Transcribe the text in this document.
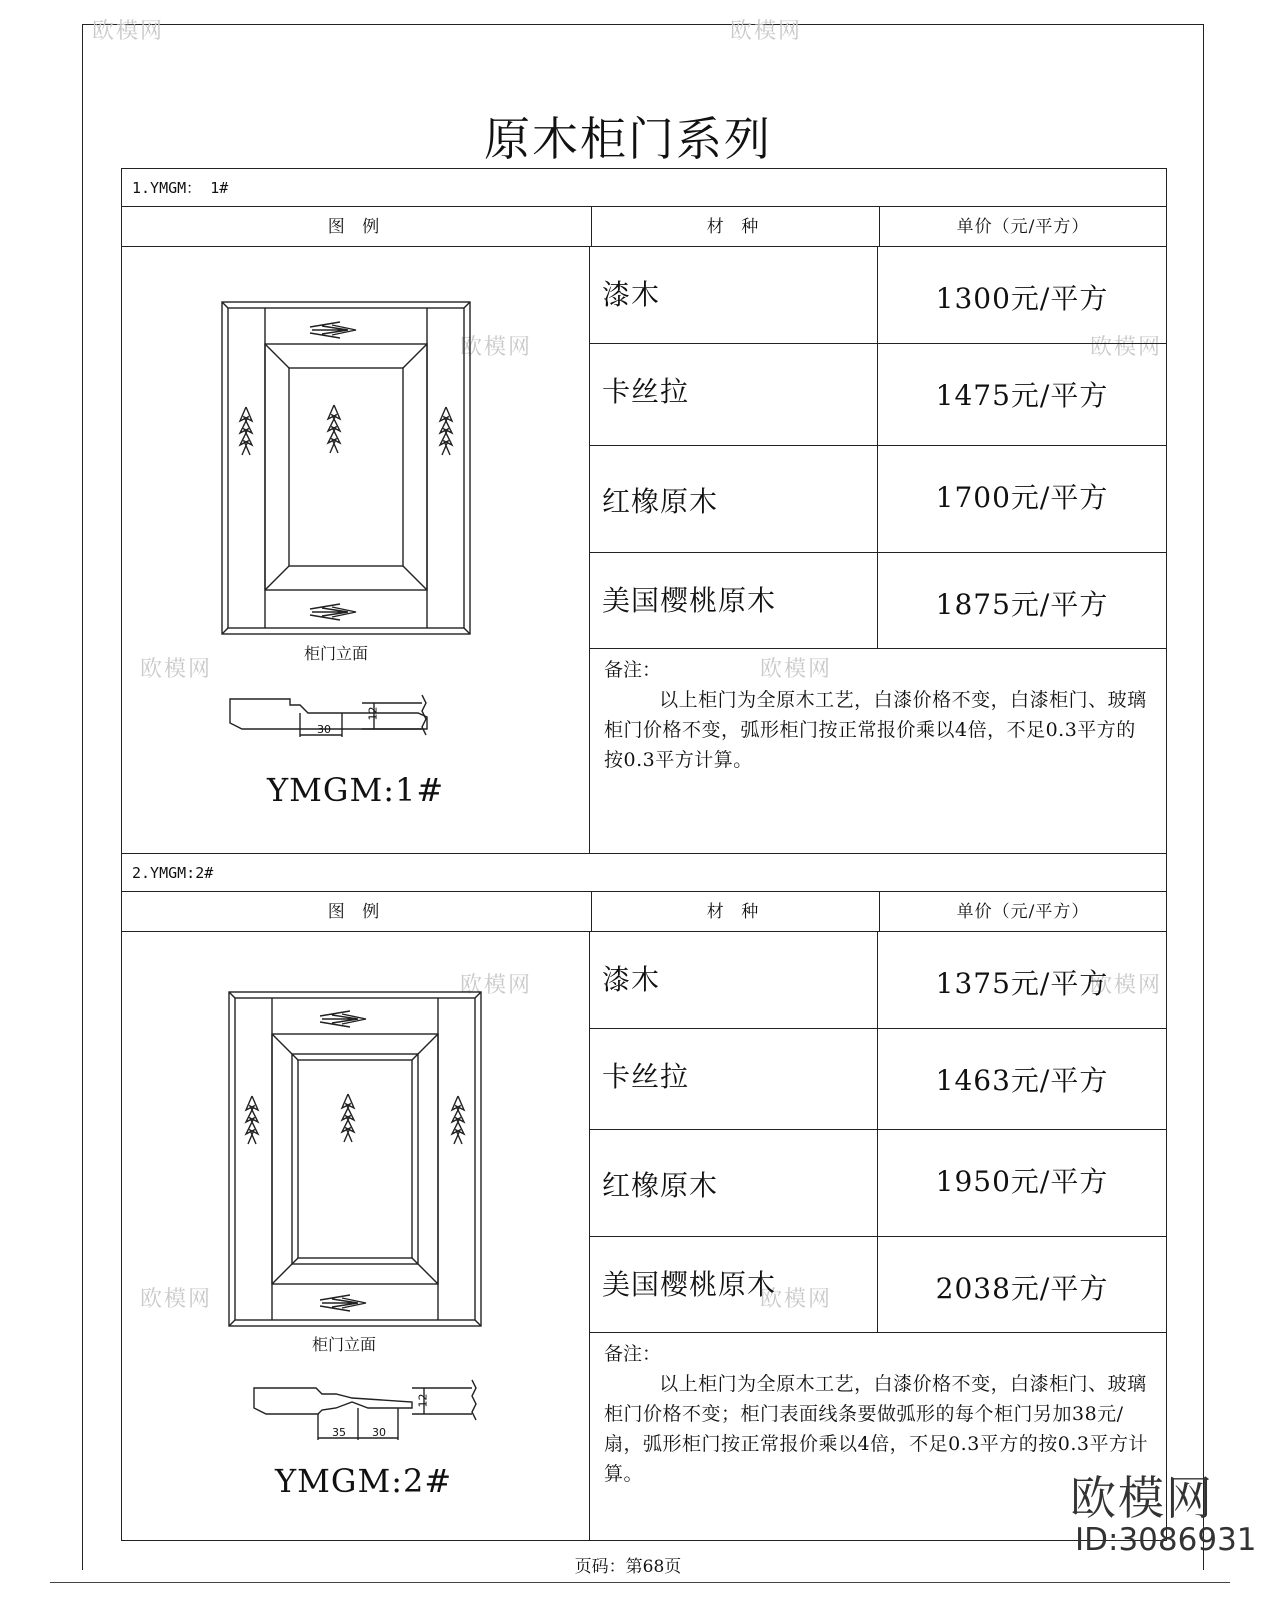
欧模网	欧模网
欧模网	欧模网
欧模网	欧模网
欧模网	欧模网
欧模网	欧模网
原木柜门系列
1.YMGM： 1#
图 例	材 种	单价（元/平方）
柜门立面
30
12
YMGM:1#
漆木	1300元/平方
卡丝拉	1475元/平方
红橡原木	1700元/平方
美国樱桃原木	1875元/平方
备注：
以上柜门为全原木工艺，白漆价格不变，白漆柜门、玻璃柜门价格不变，弧形柜门按正常报价乘以4倍，不足0.3平方的按0.3平方计算。
2.YMGM:2#
图 例	材 种	单价（元/平方）
柜门立面
35 30
12
YMGM:2#
漆木	1375元/平方
卡丝拉	1463元/平方
红橡原木	1950元/平方
美国樱桃原木	2038元/平方
备注：
以上柜门为全原木工艺，白漆价格不变，白漆柜门、玻璃柜门价格不变；柜门表面线条要做弧形的每个柜门另加38元/扇，弧形柜门按正常报价乘以4倍，不足0.3平方的按0.3平方计算。
页码：第68页
欧模网
ID:3086931
